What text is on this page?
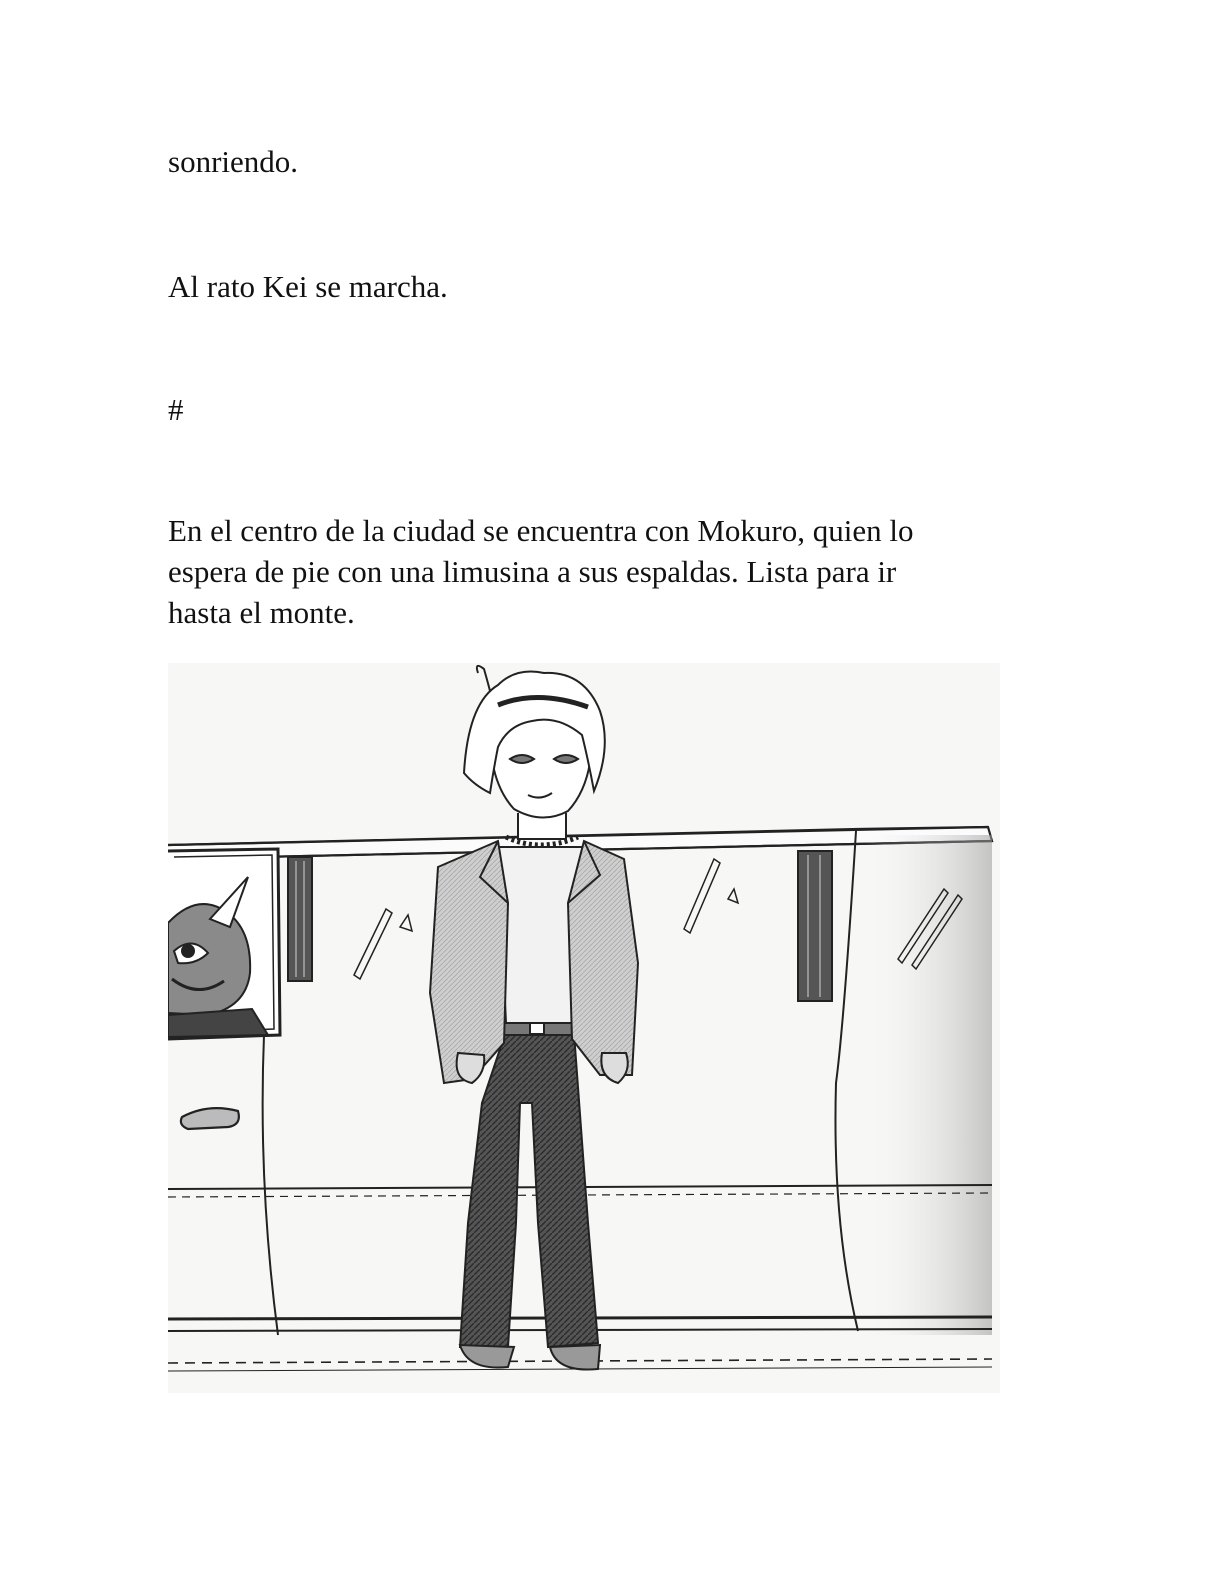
sonriendo.

Al rato Kei se marcha.

#

En el centro de la ciudad se encuentra con Mokuro, quien lo
espera de pie con una limusina a sus espaldas. Lista para ir
hasta el monte.
